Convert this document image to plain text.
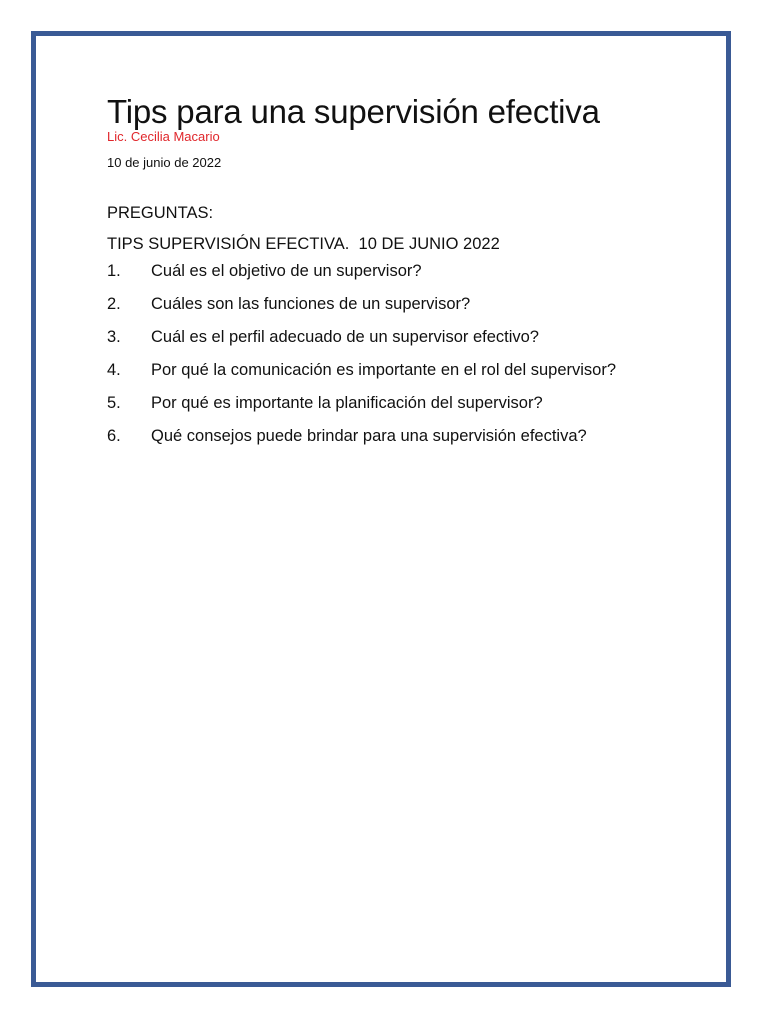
Tips para una supervisión efectiva
Lic. Cecilia Macario
10 de junio de 2022
PREGUNTAS:
TIPS SUPERVISIÓN EFECTIVA.  10 DE JUNIO 2022
1.	Cuál es el objetivo de un supervisor?
2.	Cuáles son las funciones de un supervisor?
3.	Cuál es el perfil adecuado de un supervisor efectivo?
4.	Por qué la comunicación es importante en el rol del supervisor?
5.	Por qué es importante la planificación del supervisor?
6.	Qué consejos puede brindar para una supervisión efectiva?
